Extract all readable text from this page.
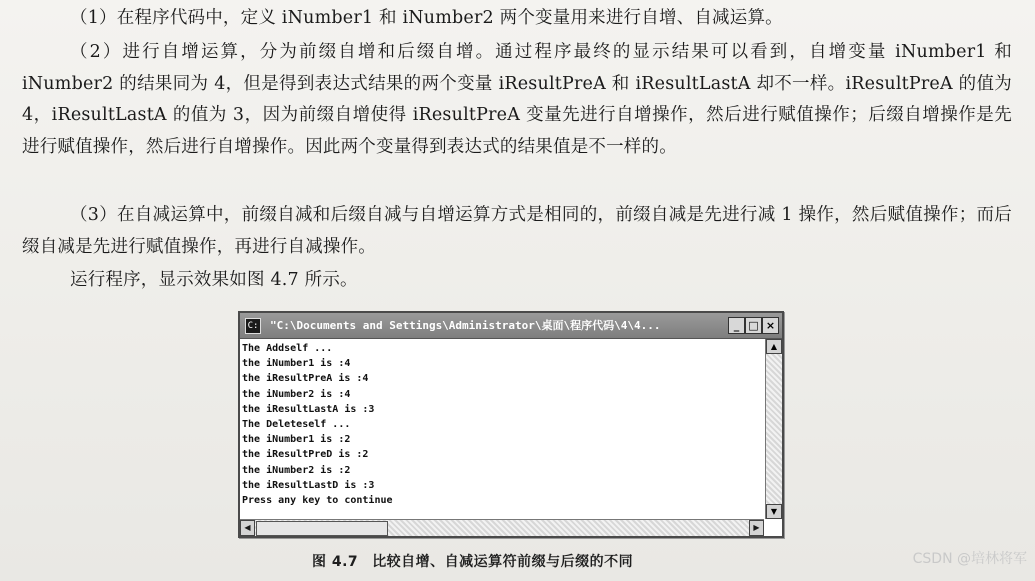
（1）在程序代码中，定义 iNumber1 和 iNumber2 两个变量用来进行自增、自减运算。
（2）进行自增运算，分为前缀自增和后缀自增。通过程序最终的显示结果可以看到，自增变量 iNumber1 和 iNumber2 的结果同为 4，但是得到表达式结果的两个变量 iResultPreA 和 iResultLastA 却不一样。iResultPreA 的值为 4，iResultLastA 的值为 3，因为前缀自增使得 iResultPreA 变量先进行自增操作，然后进行赋值操作；后缀自增操作是先进行赋值操作，然后进行自增操作。因此两个变量得到表达式的结果值是不一样的。
（3）在自减运算中，前缀自减和后缀自减与自增运算方式是相同的，前缀自减是先进行减 1 操作，然后赋值操作；而后缀自减是先进行赋值操作，再进行自减操作。
运行程序，显示效果如图 4.7 所示。
C: "C:\Documents and Settings\Administrator\桌面\程序代码\4\4...	_ □ ×
The Addself ...
the iNumber1 is :4
the iResultPreA is :4
the iNumber2 is :4
the iResultLastA is :3
The Deleteself ...
the iNumber1 is :2
the iResultPreD is :2
the iNumber2 is :2
the iResultLastD is :3
Press any key to continue
▲
▼
◀	▶
图 4.7 比较自增、自减运算符前缀与后缀的不同	CSDN @培林将军
